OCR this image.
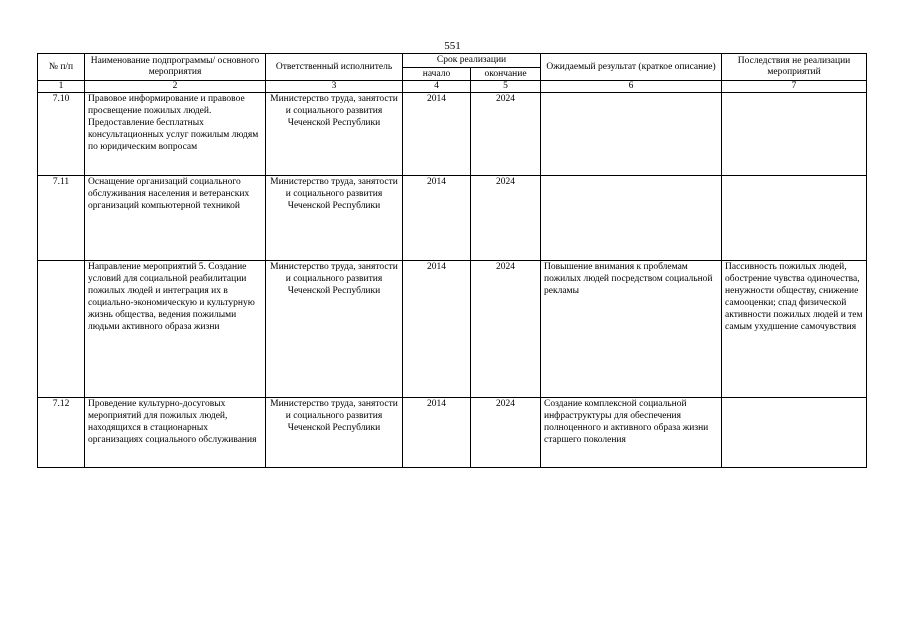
551
№ п/п	Наименование подпрограммы/ основного мероприятия	Ответственный исполнитель	Срок реализации		Ожидаемый результат (краткое описание)	Последствия не реализации мероприятий
			начало	окончание		
1	2	3	4	5	6	7
7.10	Правовое информирование и правовое просвещение пожилых людей. Предоставление бесплатных консультационных услуг пожилым людям по юридическим вопросам	Министерство труда, занятости и социального развития Чеченской Республики	2014	2024		
7.11	Оснащение организаций социального обслуживания населения и ветеранских организаций компьютерной техникой	Министерство труда, занятости и социального развития Чеченской Республики	2014	2024		
	Направление мероприятий 5. Создание условий для социальной реабилитации пожилых людей и интеграция их в социально-экономическую и культурную жизнь общества, ведения пожилыми людьми активного образа жизни	Министерство труда, занятости и социального развития Чеченской Республики	2014	2024	Повышение внимания к проблемам пожилых людей посредством социальной рекламы	Пассивность пожилых людей, обострение чувства одиночества, ненужности обществу, снижение самооценки; спад физической активности пожилых людей и тем самым ухудшение самочувствия
7.12	Проведение культурно-досуговых мероприятий для пожилых людей, находящихся в стационарных организациях социального обслуживания	Министерство труда, занятости и социального развития Чеченской Республики	2014	2024	Создание комплексной социальной инфраструктуры для обеспечения полноценного и активного образа жизни старшего поколения	
